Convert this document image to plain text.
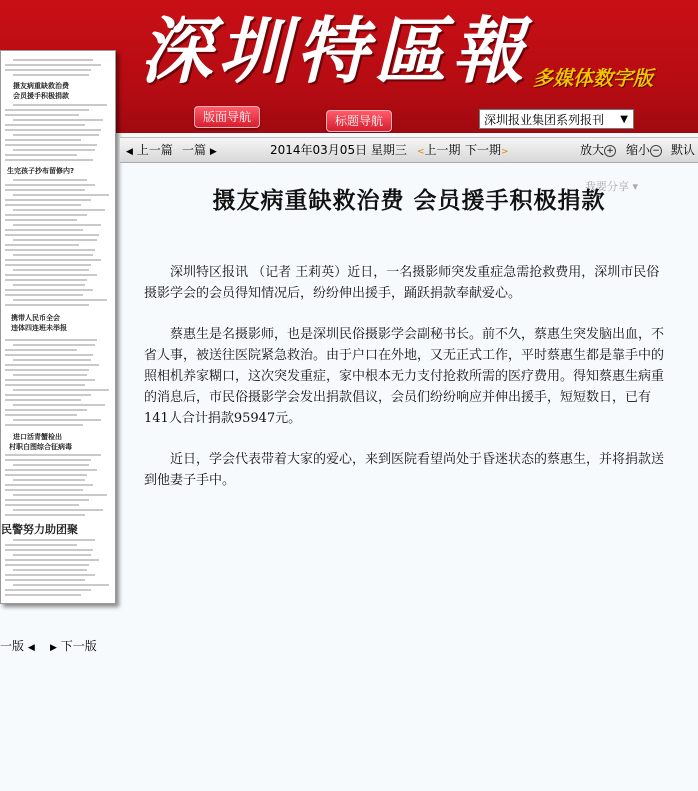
深圳特區報 多媒体数字版
版面导航	标题导航	深圳报业集团系列报刊 ▼
摄友病重缺救治费
会员援手积极捐款
生完孩子抄布留修内?
携带人民币全会
违体四连班未举报
进口活青蟹检出
村职白图综合征病毒
民警努力助团聚
一版 ◀ ▶ 下一版
◀ 上一篇 一篇 ▶	2014年03月05日 星期三 <上一期 下一期>	放大 + 缩小 − 默认
我要分享 ▾
摄友病重缺救治费 会员援手积极捐款

深圳特区报讯 （记者 王莉英）近日，一名摄影师突发重症急需抢救费用，深圳市民俗摄影学会的会员得知情况后，纷纷伸出援手，踊跃捐款奉献爱心。

蔡惠生是名摄影师，也是深圳民俗摄影学会副秘书长。前不久，蔡惠生突发脑出血，不省人事，被送往医院紧急救治。由于户口在外地，又无正式工作，平时蔡惠生都是靠手中的照相机养家糊口，这次突发重症，家中根本无力支付抢救所需的医疗费用。得知蔡惠生病重的消息后，市民俗摄影学会发出捐款倡议，会员们纷纷响应并伸出援手，短短数日，已有141人合计捐款95947元。

近日，学会代表带着大家的爱心，来到医院看望尚处于昏迷状态的蔡惠生，并将捐款送到他妻子手中。
